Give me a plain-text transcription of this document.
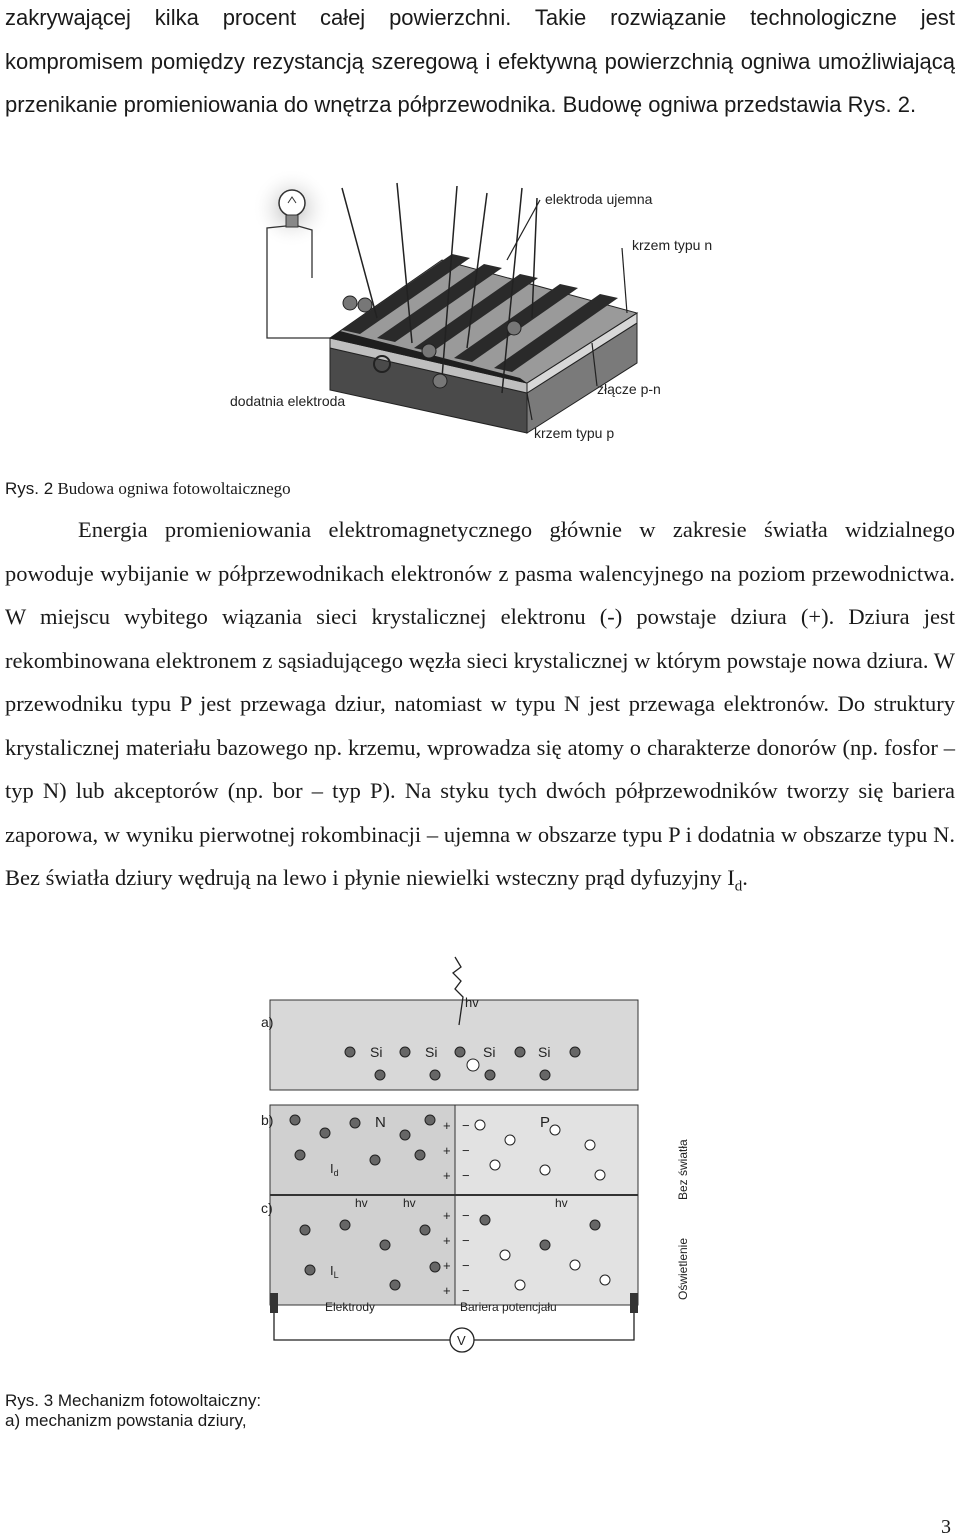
zakrywającej kilka procent całej powierzchni. Takie rozwiązanie technologiczne jest kompromisem pomiędzy rezystancją szeregową i efektywną powierzchnią ogniwa umożliwiającą przenikanie promieniowania do wnętrza półprzewodnika. Budowę ogniwa przedstawia Rys. 2.

elektroda ujemna
krzem typu n
dodatnia elektroda
złącze p-n
krzem typu p
Rys. 2 Budowa ogniwa fotowoltaicznego

Energia promieniowania elektromagnetycznego głównie w zakresie światła widzialnego powoduje wybijanie w półprzewodnikach elektronów z pasma walencyjnego na poziom przewodnictwa. W miejscu wybitego wiązania sieci krystalicznej elektronu (-) powstaje dziura (+). Dziura jest rekombinowana elektronem z sąsiadującego węzła sieci krystalicznej w którym powstaje nowa dziura. W przewodniku typu P jest przewaga dziur, natomiast w typu N jest przewaga elektronów. Do struktury krystalicznej materiału bazowego np. krzemu, wprowadza się atomy o charakterze donorów (np. fosfor – typ N) lub akceptorów (np. bor – typ P). Na styku tych dwóch półprzewodników tworzy się bariera zaporowa, w wyniku pierwotnej rokombinacji – ujemna w obszarze typu P i dodatnia w obszarze typu N. Bez światła dziury wędrują na lewo i płynie niewielki wsteczny prąd dyfuzyjny $I_d$.

a)
Si	Si	Si	Si
hv
b)
c)
N	P
$I_d$
$I_L$
hv	hv	hv
+
+
+
+
+
+
+
−
−
−
−
−
−
−
Bez światła
Oświetlenie
Elektrody	Bariera potencjału
V
Rys. 3 Mechanizm fotowoltaiczny:
a) mechanizm powstania dziury,
3
